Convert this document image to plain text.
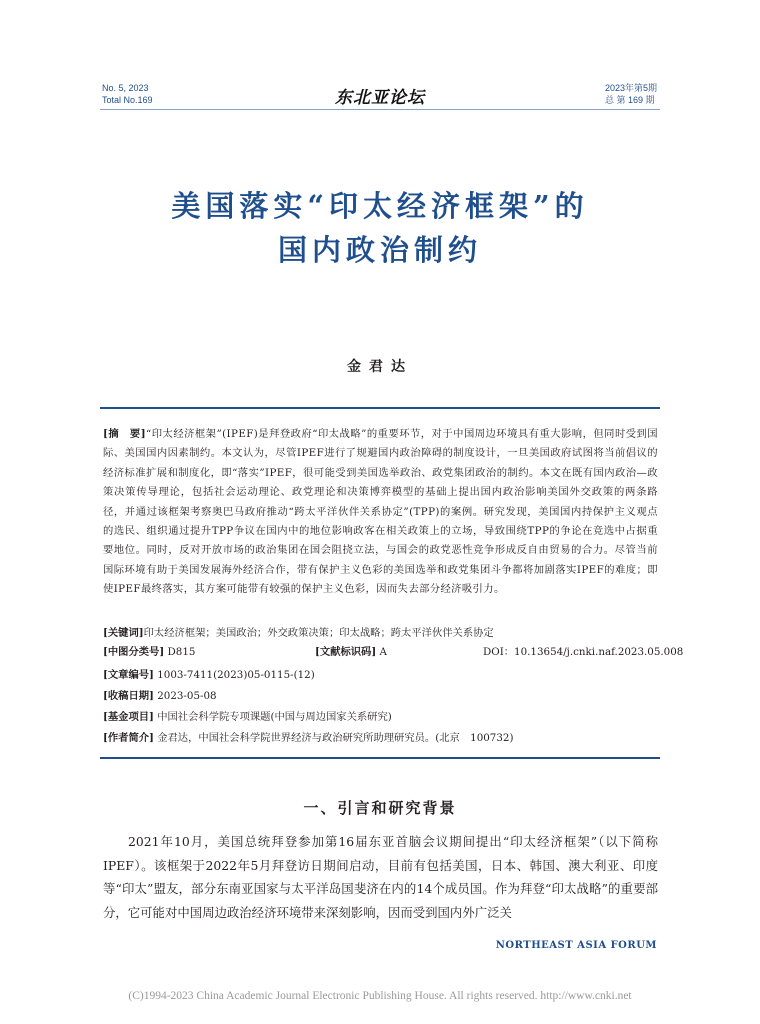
No. 5, 2023
Total No.169	东北亚论坛	2023年第5期
总 第 169 期
美国落实“印太经济框架”的
国内政治制约
金君达
[摘　要]“印太经济框架”(IPEF)是拜登政府“印太战略”的重要环节，对于中国周边环境具有重大影响，但同时受到国际、美国国内因素制约。本文认为，尽管IPEF进行了规避国内政治障碍的制度设计，一旦美国政府试图将当前倡议的经济标准扩展和制度化，即“落实”IPEF，很可能受到美国选举政治、政党集团政治的制约。本文在既有国内政治—政策决策传导理论，包括社会运动理论、政党理论和决策博弈模型的基础上提出国内政治影响美国外交政策的两条路径，并通过该框架考察奥巴马政府推动“跨太平洋伙伴关系协定”(TPP)的案例。研究发现，美国国内持保护主义观点的选民、组织通过提升TPP争议在国内中的地位影响政客在相关政策上的立场，导致围绕TPP的争论在竞选中占据重要地位。同时，反对开放市场的政治集团在国会阻挠立法，与国会的政党恶性竞争形成反自由贸易的合力。尽管当前国际环境有助于美国发展海外经济合作，带有保护主义色彩的美国选举和政党集团斗争都将加剧落实IPEF的难度；即使IPEF最终落实，其方案可能带有较强的保护主义色彩，因而失去部分经济吸引力。
[关键词]印太经济框架；美国政治；外交政策决策；印太战略；跨太平洋伙伴关系协定
[中图分类号] D815	[文献标识码] A	DOI：10.13654/j.cnki.naf.2023.05.008
[文章编号] 1003-7411(2023)05-0115-(12)
[收稿日期] 2023-05-08
[基金项目] 中国社会科学院专项课题(中国与周边国家关系研究)
[作者简介] 金君达，中国社会科学院世界经济与政治研究所助理研究员。(北京　100732)
一、引言和研究背景
2021年10月，美国总统拜登参加第16届东亚首脑会议期间提出“印太经济框架”（以下简称IPEF）。该框架于2022年5月拜登访日期间启动，目前有包括美国，日本、韩国、澳大利亚、印度等“印太”盟友，部分东南亚国家与太平洋岛国斐济在内的14个成员国。作为拜登“印太战略”的重要部分，它可能对中国周边政治经济环境带来深刻影响，因而受到国内外广泛关
NORTHEAST ASIA FORUM
(C)1994-2023 China Academic Journal Electronic Publishing House. All rights reserved. http://www.cnki.net
